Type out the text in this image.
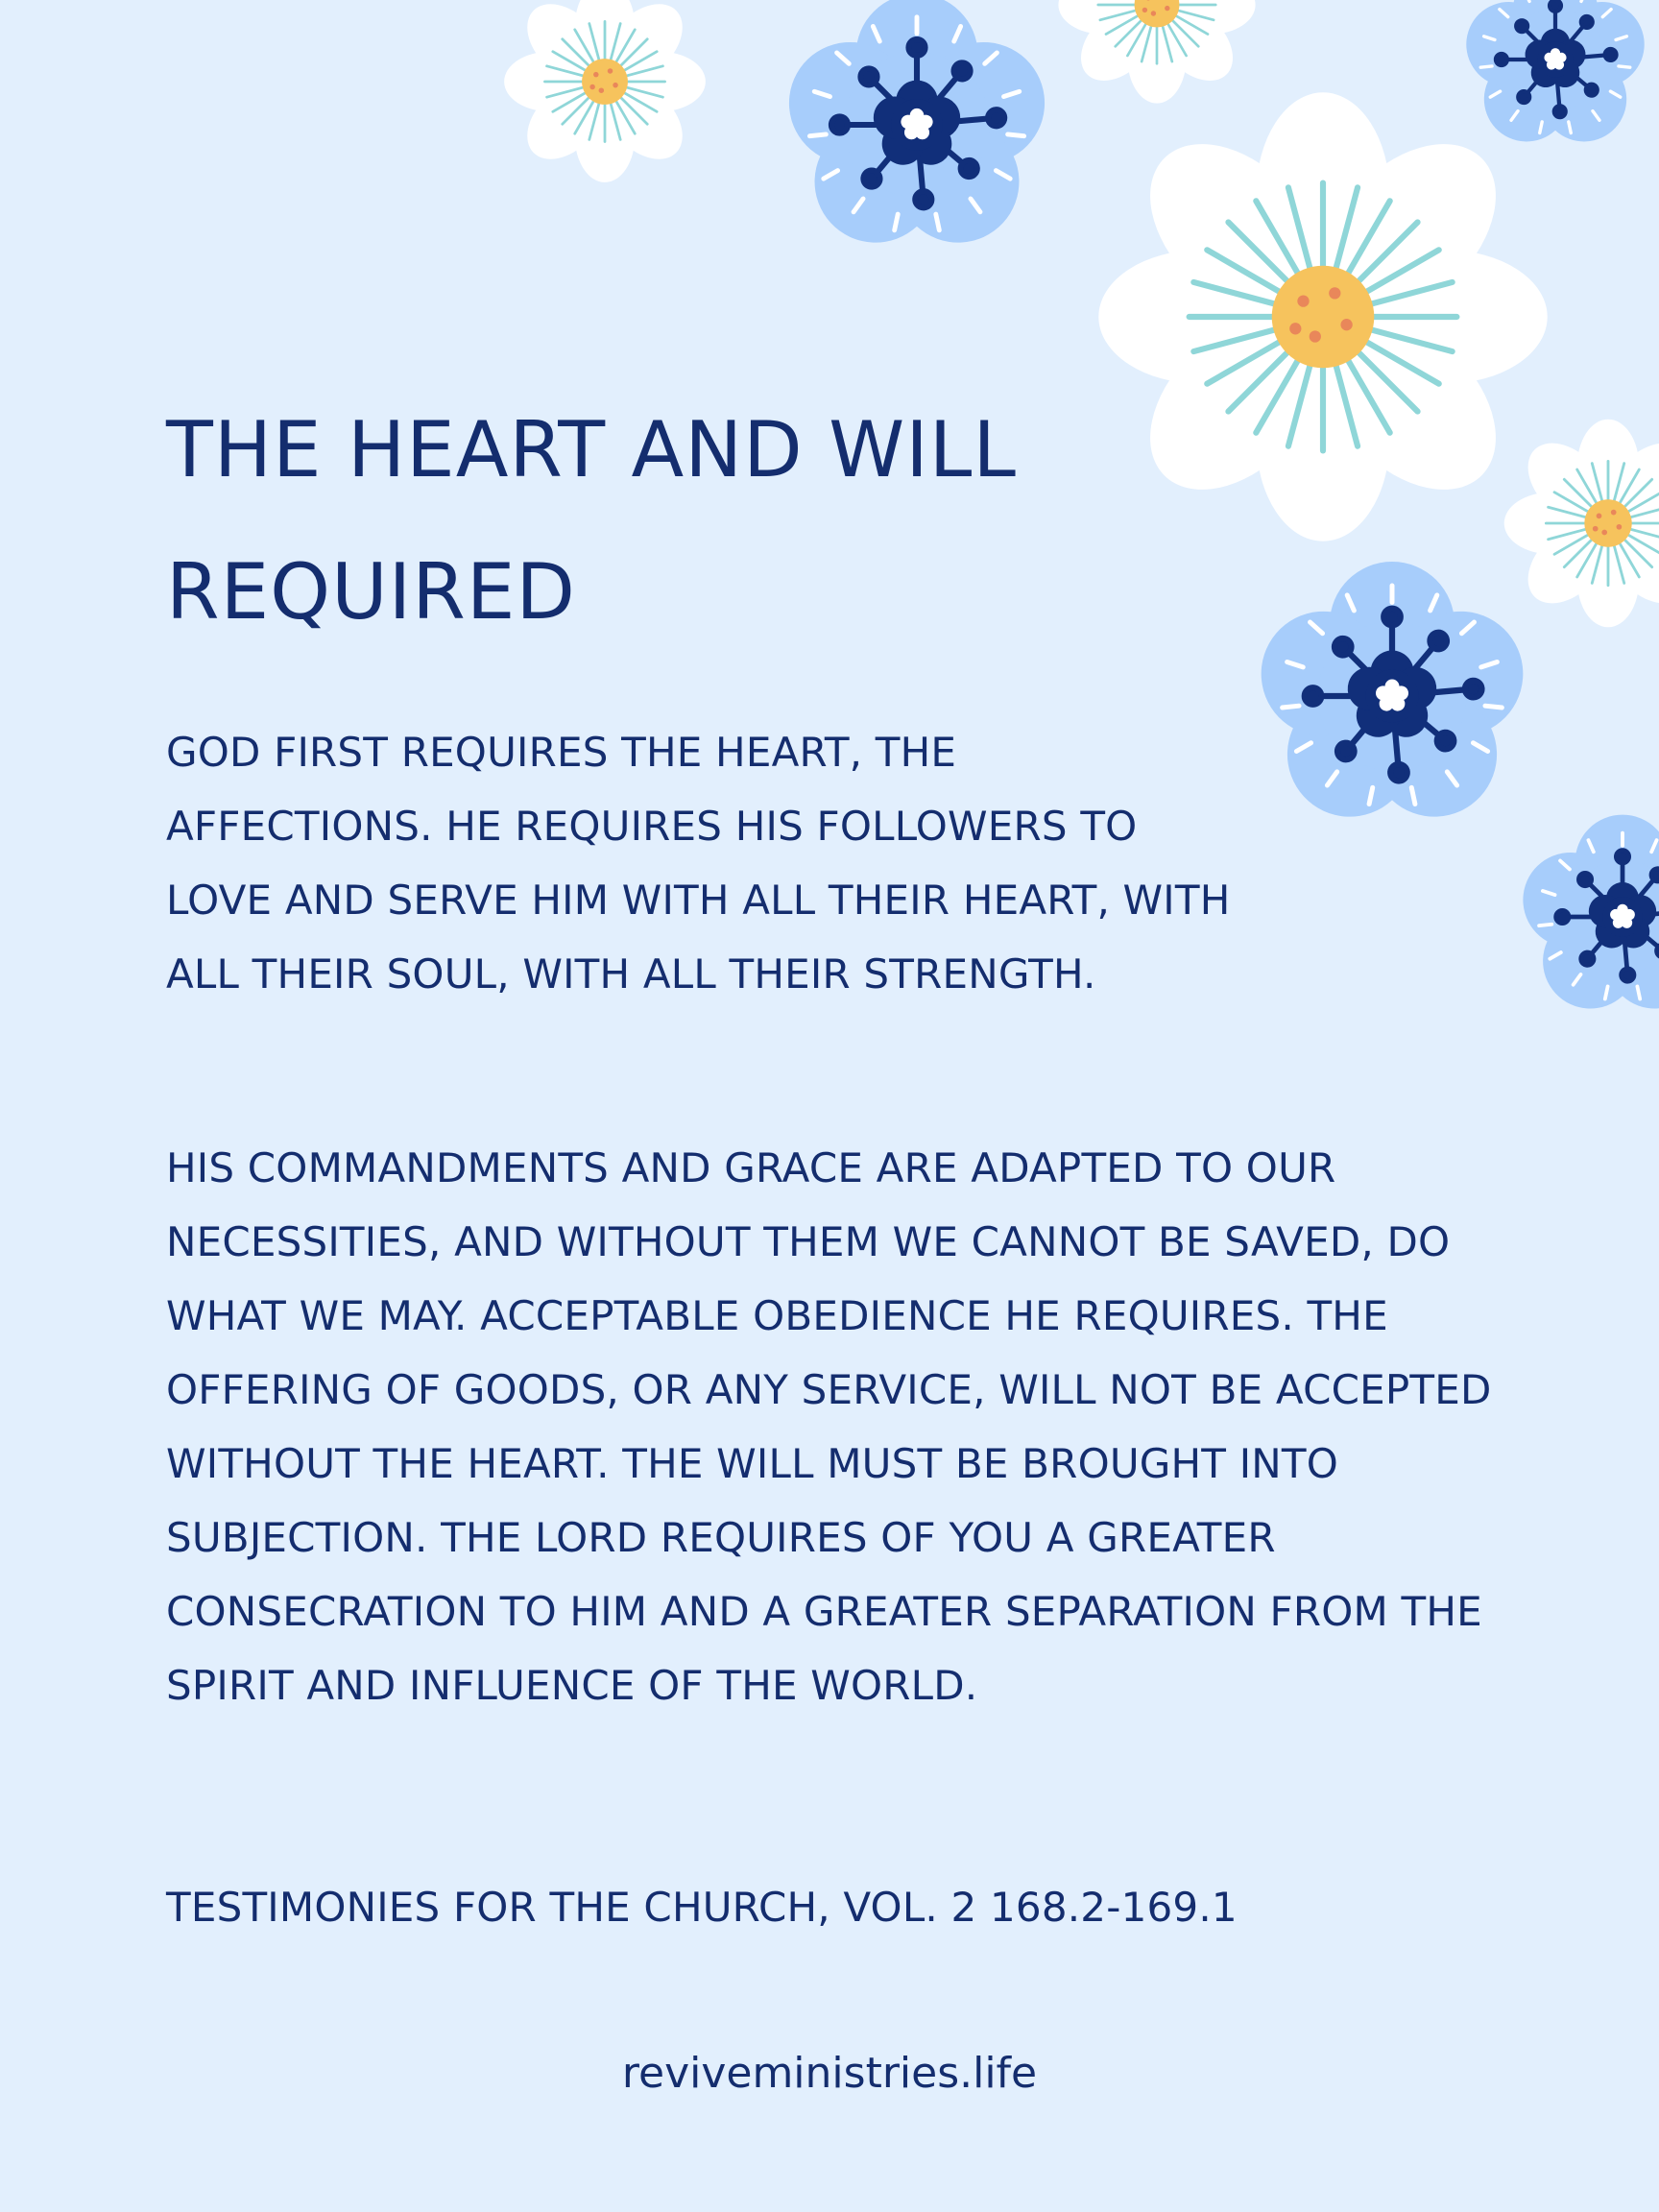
THE HEART AND WILL REQUIRED

GOD FIRST REQUIRES THE HEART, THE AFFECTIONS. HE REQUIRES HIS FOLLOWERS TO LOVE AND SERVE HIM WITH ALL THEIR HEART, WITH ALL THEIR SOUL, WITH ALL THEIR STRENGTH.

HIS COMMANDMENTS AND GRACE ARE ADAPTED TO OUR NECESSITIES, AND WITHOUT THEM WE CANNOT BE SAVED, DO WHAT WE MAY. ACCEPTABLE OBEDIENCE HE REQUIRES. THE OFFERING OF GOODS, OR ANY SERVICE, WILL NOT BE ACCEPTED WITHOUT THE HEART. THE WILL MUST BE BROUGHT INTO SUBJECTION. THE LORD REQUIRES OF YOU A GREATER CONSECRATION TO HIM AND A GREATER SEPARATION FROM THE SPIRIT AND INFLUENCE OF THE WORLD.

TESTIMONIES FOR THE CHURCH, VOL. 2 168.2-169.1

reviveministries.life
